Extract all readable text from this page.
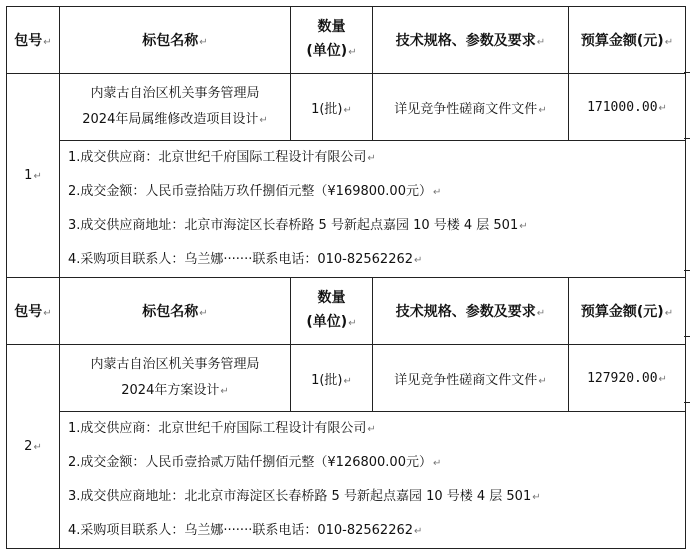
包号↵	标包名称↵	数量
(单位)↵	技术规格、参数及要求↵	预算金额(元)↵
1↵	内蒙古自治区机关事务管理局
2024年局属维修改造项目设计↵	1(批)↵	详见竞争性磋商文件文件↵	171000.00↵

	1.成交供应商：北京世纪千府国际工程设计有限公司↵
2.成交金额：人民币壹拾陆万玖仟捌佰元整（¥169800.00元）↵
3.成交供应商地址：北京市海淀区长春桥路 5 号新起点嘉园 10 号楼 4 层 501↵
4.采购项目联系人：乌兰娜·······联系电话：010-82562262↵			

包号↵	标包名称↵	数量
(单位)↵	技术规格、参数及要求↵	预算金额(元)↵
2↵	内蒙古自治区机关事务管理局
2024年方案设计↵	1(批)↵	详见竞争性磋商文件文件↵	127920.00↵

	1.成交供应商：北京世纪千府国际工程设计有限公司↵
2.成交金额：人民币壹拾贰万陆仟捌佰元整（¥126800.00元）↵
3.成交供应商地址：北北京市海淀区长春桥路 5 号新起点嘉园 10 号楼 4 层 501↵
4.采购项目联系人：乌兰娜·······联系电话：010-82562262↵			
